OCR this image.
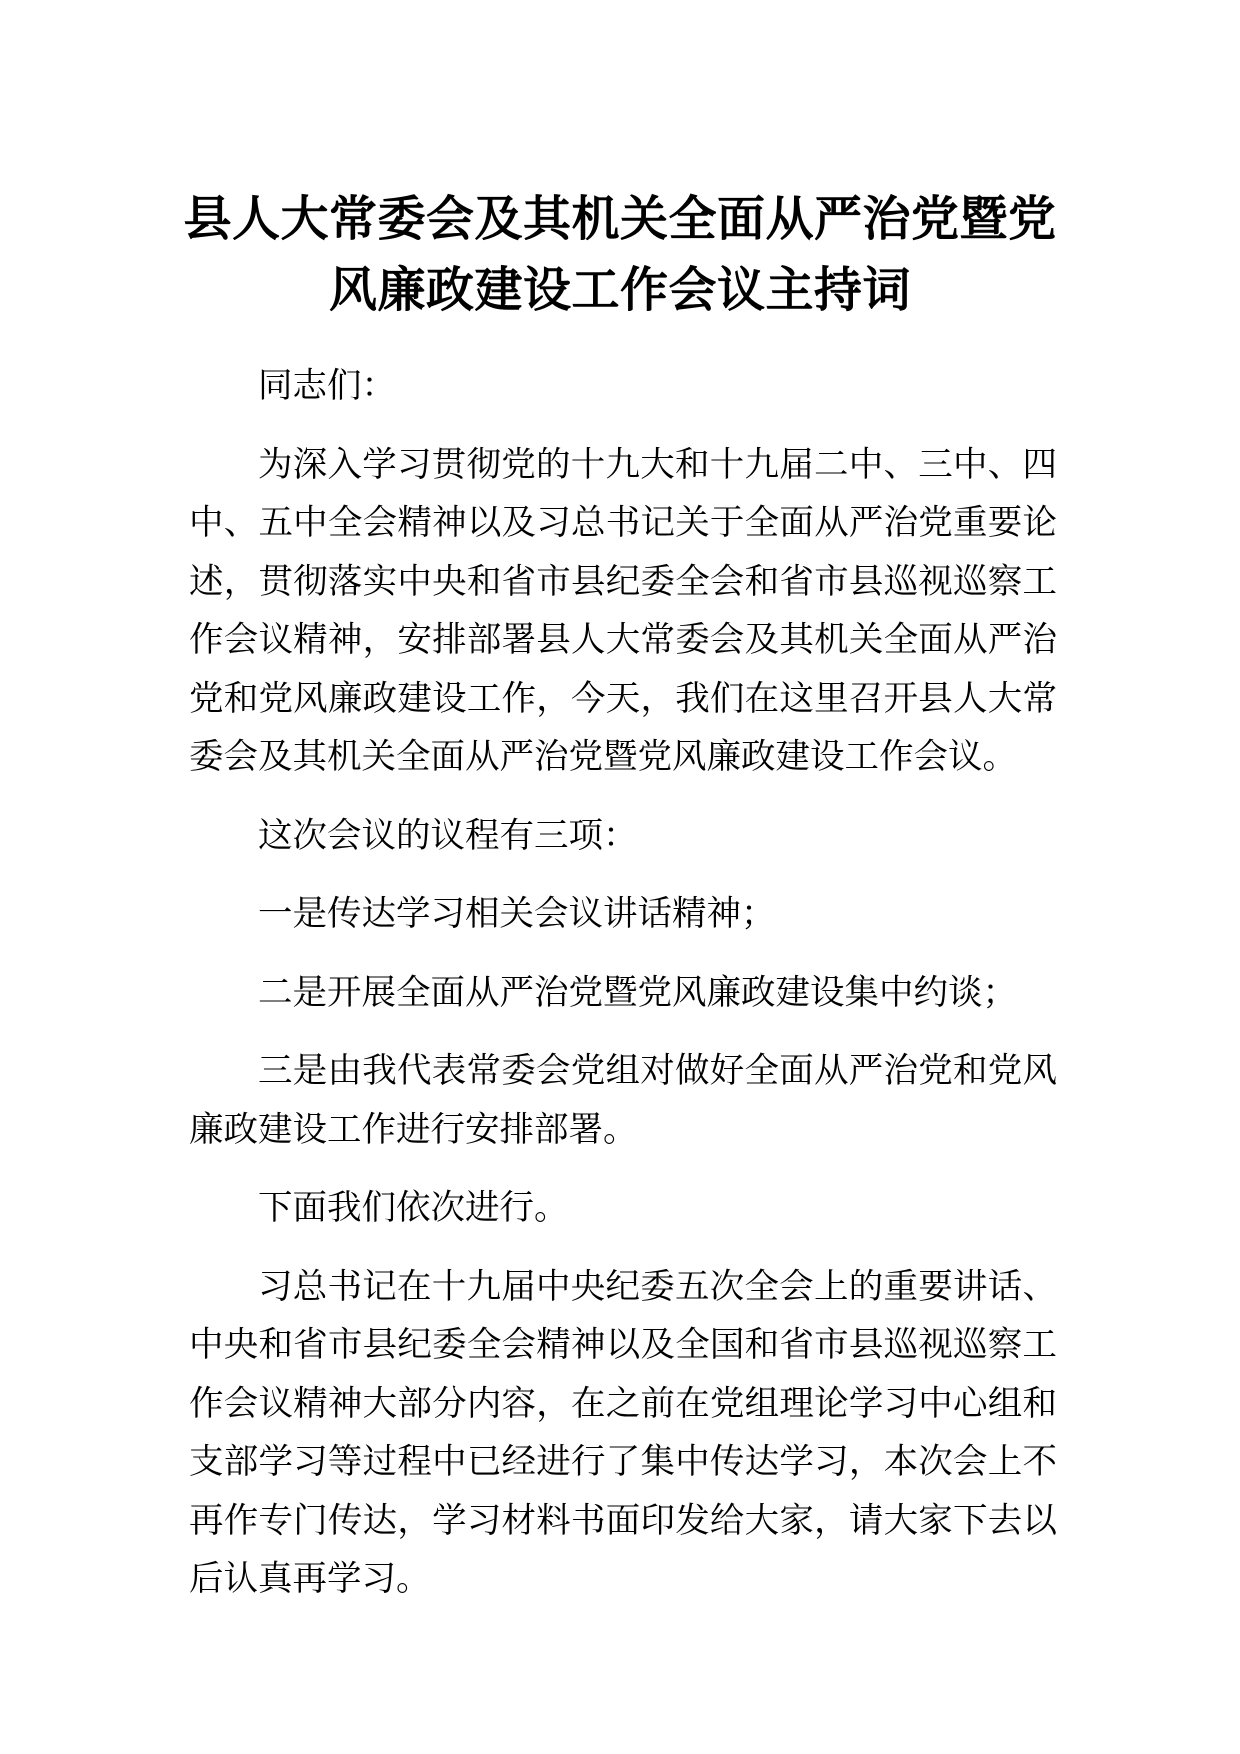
县人大常委会及其机关全面从严治党暨党
风廉政建设工作会议主持词

同志们：

为深入学习贯彻党的十九大和十九届二中、三中、四中、五中全会精神以及习总书记关于全面从严治党重要论述，贯彻落实中央和省市县纪委全会和省市县巡视巡察工作会议精神，安排部署县人大常委会及其机关全面从严治党和党风廉政建设工作，今天，我们在这里召开县人大常委会及其机关全面从严治党暨党风廉政建设工作会议。

这次会议的议程有三项：

一是传达学习相关会议讲话精神；

二是开展全面从严治党暨党风廉政建设集中约谈；

三是由我代表常委会党组对做好全面从严治党和党风廉政建设工作进行安排部署。

下面我们依次进行。

习总书记在十九届中央纪委五次全会上的重要讲话、中央和省市县纪委全会精神以及全国和省市县巡视巡察工作会议精神大部分内容，在之前在党组理论学习中心组和支部学习等过程中已经进行了集中传达学习，本次会上不再作专门传达，学习材料书面印发给大家，请大家下去以后认真再学习。
